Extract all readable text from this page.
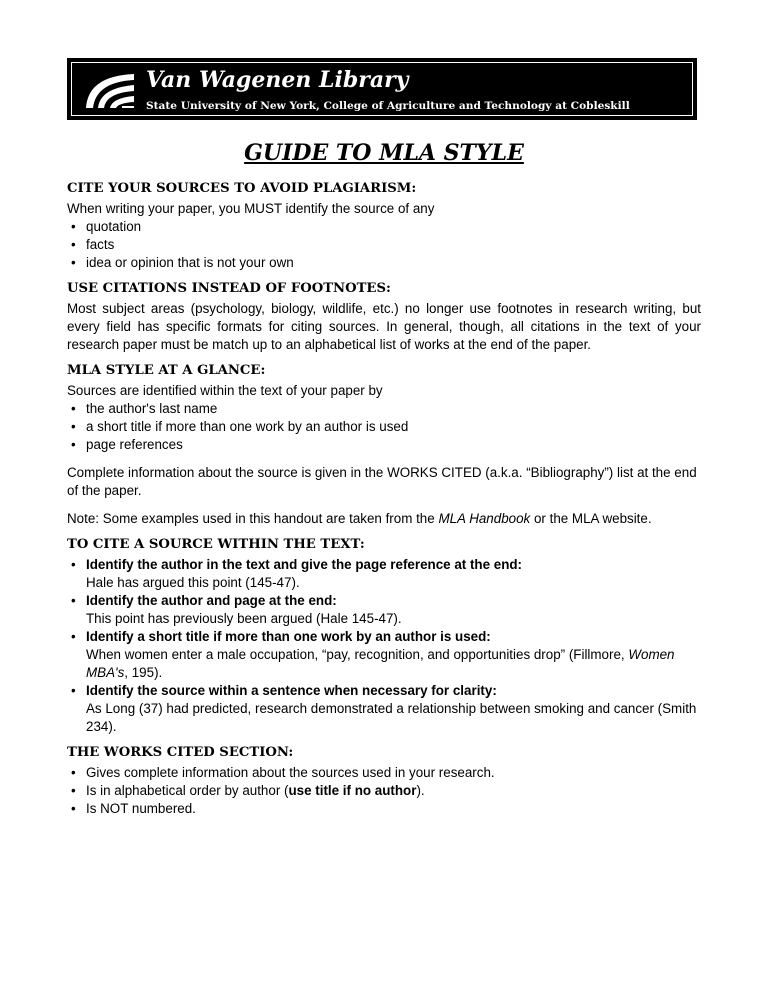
Van Wagenen Library
State University of New York, College of Agriculture and Technology at Cobleskill
GUIDE TO MLA STYLE
CITE YOUR SOURCES TO AVOID PLAGIARISM:

When writing your paper, you MUST identify the source of any

• quotation
• facts
• idea or opinion that is not your own
USE CITATIONS INSTEAD OF FOOTNOTES:

Most subject areas (psychology, biology, wildlife, etc.) no longer use footnotes in research writing, but every field has specific formats for citing sources. In general, though, all citations in the text of your research paper must be match up to an alphabetical list of works at the end of the paper.

MLA STYLE AT A GLANCE:

Sources are identified within the text of your paper by

• the author's last name
• a short title if more than one work by an author is used
• page references

Complete information about the source is given in the WORKS CITED (a.k.a. “Bibliography”) list at the end of the paper.

Note: Some examples used in this handout are taken from the MLA Handbook or the MLA website.

TO CITE A SOURCE WITHIN THE TEXT:
• Identify the author in the text and give the page reference at the end:
Hale has argued this point (145-47).
• Identify the author and page at the end:
This point has previously been argued (Hale 145-47).
• Identify a short title if more than one work by an author is used:
When women enter a male occupation, “pay, recognition, and opportunities drop” (Fillmore, Women MBA's, 195).
• Identify the source within a sentence when necessary for clarity:
As Long (37) had predicted, research demonstrated a relationship between smoking and cancer (Smith 234).
THE WORKS CITED SECTION:
• Gives complete information about the sources used in your research.
• Is in alphabetical order by author (use title if no author).
• Is NOT numbered.
